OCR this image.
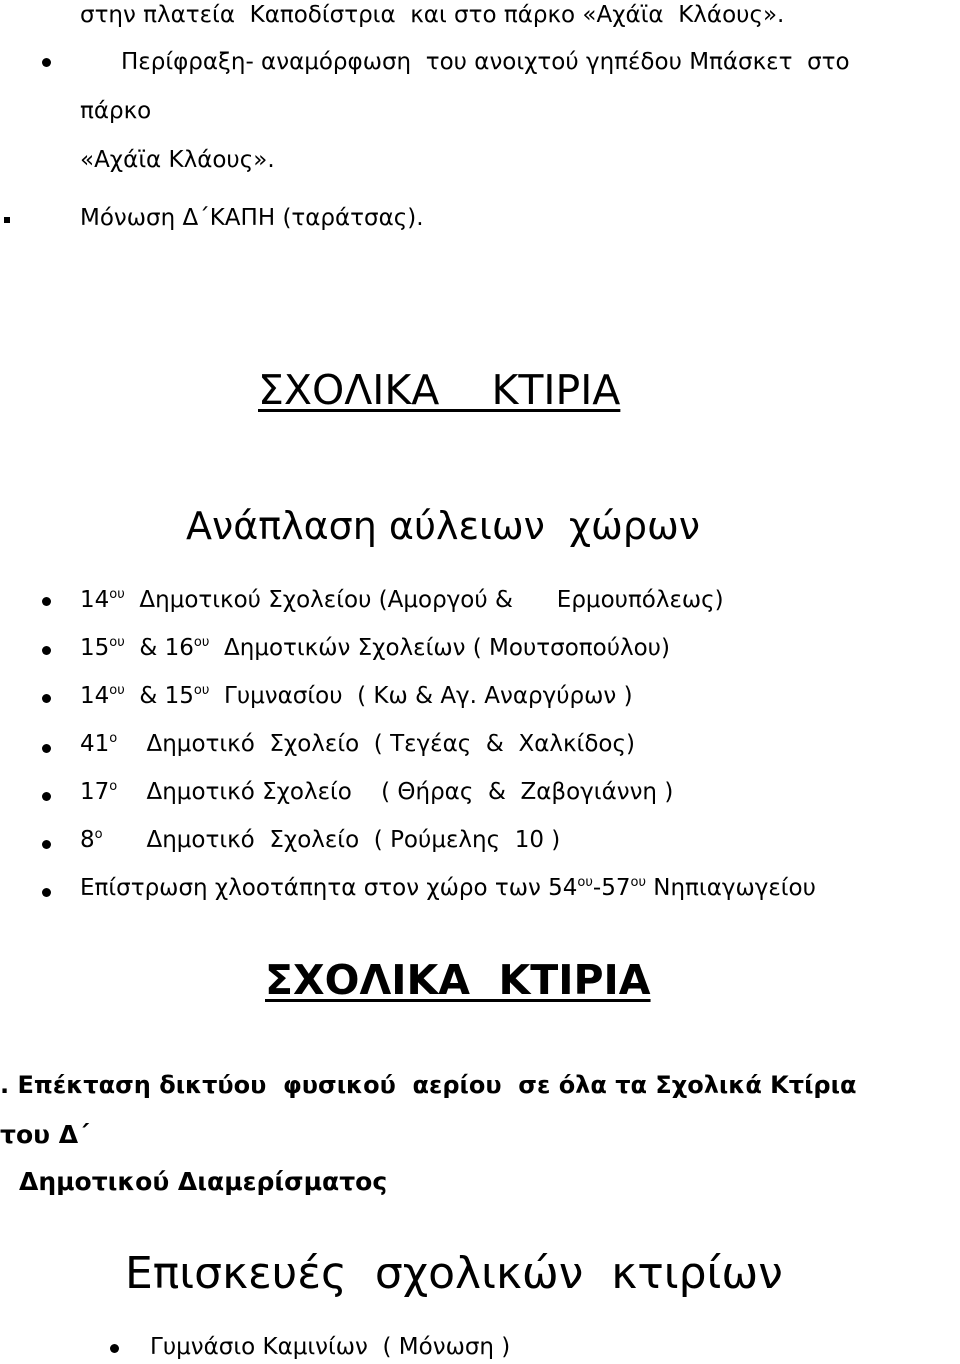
στην πλατεία  Καποδίστρια  και στο πάρκο «Αχάϊα  Κλάους».
Περίφραξη- αναμόρφωση  του ανοιχτού γηπέδου Μπάσκετ  στο
πάρκο
«Αχάϊα Κλάους».
Μόνωση Δ΄ΚΑΠΗ (ταράτσας).
ΣΧΟΛΙΚΑ    ΚΤΙΡΙΑ
Ανάπλαση αύλειων  χώρων
$14^{o\upsilon}$  Δημοτικού Σχολείου (Αμοργού &      Ερμουπόλεως)
$15^{o\upsilon}$  & $16^{o\upsilon}$  Δημοτικών Σχολείων ( Μουτσοπούλου)
$14^{o\upsilon}$  & $15^{o\upsilon}$  Γυμνασίου  ( Κω & Αγ. Αναργύρων )
$41^o$    Δημοτικό  Σχολείο  ( Τεγέας  &  Χαλκίδος)
$17^o$    Δημοτικό Σχολείο    ( Θήρας  &  Ζαβογιάννη )
$8^o$      Δημοτικό  Σχολείο  ( Ρούμελης  10 )
Επίστρωση χλοοτάπητα στον χώρο των $54^{o\upsilon}-57^{o\upsilon}$ Νηπιαγωγείου
ΣΧΟΛΙΚΑ  ΚΤΙΡΙΑ
. Επέκταση δικτύου  φυσικού  αερίου  σε όλα τα Σχολικά Κτίρια
του Δ΄
Δημοτικού Διαμερίσματος
Επισκευές  σχολικών  κτιρίων
Γυμνάσιο Καμινίων  ( Μόνωση )
